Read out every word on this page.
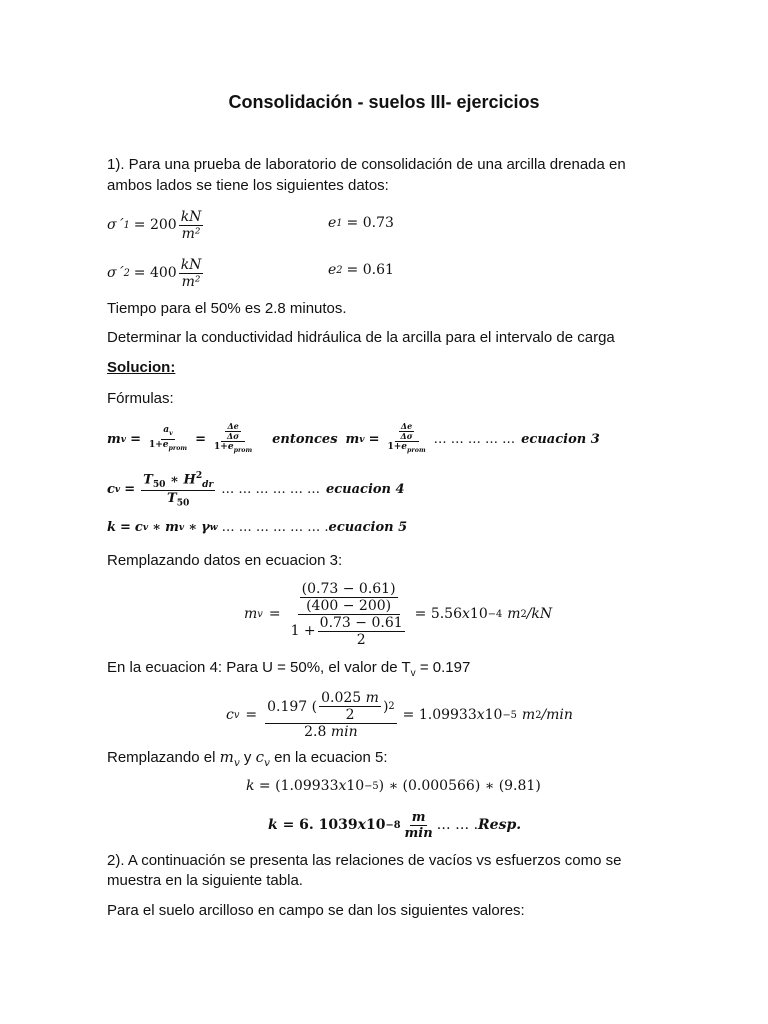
Consolidación - suelos III- ejercicios
1). Para una prueba de laboratorio de consolidación de una arcilla drenada en
ambos lados se tiene los siguientes datos:
σ´ $1 = 200 \frac{kN}{\text{m²}}$	e 1 = 0.73
σ´ $2 = 400 \frac{kN}{\text{m²}}$	e 2 = 0.61
Tiempo para el 50% es 2.8 minutos.
Determinar la conductividad hidráulica de la arcilla para el intervalo de carga
Solucion:
Fórmulas:
m $v = \frac{a_v}{1+e_{prom}} = \frac{\frac{\Delta e}{\Delta\sigma}}{1+e_{prom}}$ entonces m $v = \frac{\frac{\Delta e}{\Delta\sigma}}{1+e_{prom}}$ … … … … … ecuacion 3
c $v = \frac{T_{50} ∗ H^2_{dr}}{T_{50}}$ … … … … … … ecuacion 4
k = c v ∗ m v ∗ γ w … … … … … … . ecuacion 5
Remplazando datos en ecuacion 3:
m v = (0.73 − 0.61)
(400 − 200)
$1 + \frac{0.73 - 0.61}{2} = 5.56$ x 10 −4 m 2 /kN
En la ecuacion 4: Para U = 50%, el valor de $T_v = 0.197$
c v =
0.197 ( $\frac{0.025 m}{2}$ ) 2
2.8 min
= 1.09933 x 10 −5 m 2 /min
Remplazando el $m_v$ y $c_v$ en la ecuacion 5:
k = (1.09933 x 10 −5 ) ∗ (0.000566) ∗ (9.81)
k = 6. 1039 x $10 -8 \frac{m}{\min}$ … … . Resp.
2). A continuación se presenta las relaciones de vacíos vs esfuerzos como se
muestra en la siguiente tabla.
Para el suelo arcilloso en campo se dan los siguientes valores:
